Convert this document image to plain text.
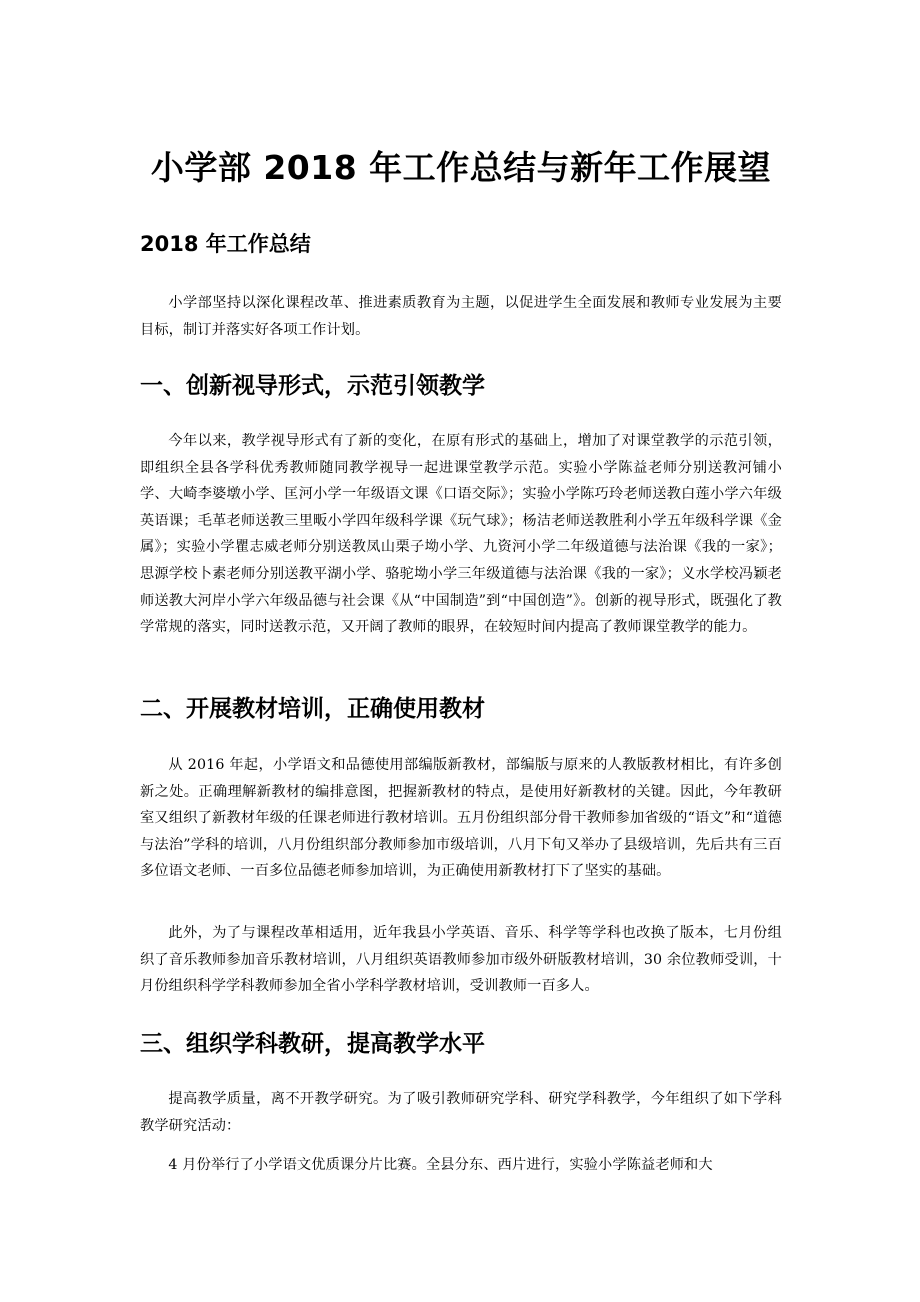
小学部 2018 年工作总结与新年工作展望
2018 年工作总结

小学部坚持以深化课程改革、推进素质教育为主题，以促进学生全面发展和教师专业发展为主要目标，制订并落实好各项工作计划。

一、创新视导形式，示范引领教学

今年以来，教学视导形式有了新的变化，在原有形式的基础上，增加了对课堂教学的示范引领，即组织全县各学科优秀教师随同教学视导一起进课堂教学示范。实验小学陈益老师分别送教河铺小学、大崎李婆墩小学、匡河小学一年级语文课《口语交际》；实验小学陈巧玲老师送教白莲小学六年级英语课；毛革老师送教三里畈小学四年级科学课《玩气球》；杨洁老师送教胜利小学五年级科学课《金属》；实验小学瞿志威老师分别送教凤山栗子坳小学、九资河小学二年级道德与法治课《我的一家》；思源学校卜素老师分别送教平湖小学、骆驼坳小学三年级道德与法治课《我的一家》；义水学校冯颖老师送教大河岸小学六年级品德与社会课《从“中国制造”到“中国创造”》。创新的视导形式，既强化了教学常规的落实，同时送教示范，又开阔了教师的眼界，在较短时间内提高了教师课堂教学的能力。

二、开展教材培训，正确使用教材

从 2016 年起，小学语文和品德使用部编版新教材，部编版与原来的人教版教材相比，有许多创新之处。正确理解新教材的编排意图，把握新教材的特点，是使用好新教材的关键。因此，今年教研室又组织了新教材年级的任课老师进行教材培训。五月份组织部分骨干教师参加省级的“语文”和“道德与法治”学科的培训，八月份组织部分教师参加市级培训，八月下旬又举办了县级培训，先后共有三百多位语文老师、一百多位品德老师参加培训，为正确使用新教材打下了坚实的基础。

此外，为了与课程改革相适用，近年我县小学英语、音乐、科学等学科也改换了版本，七月份组织了音乐教师参加音乐教材培训，八月组织英语教师参加市级外研版教材培训，30 余位教师受训，十月份组织科学学科教师参加全省小学科学教材培训，受训教师一百多人。

三、组织学科教研，提高教学水平

提高教学质量，离不开教学研究。为了吸引教师研究学科、研究学科教学，今年组织了如下学科教学研究活动：

4 月份举行了小学语文优质课分片比赛。全县分东、西片进行，实验小学陈益老师和大
